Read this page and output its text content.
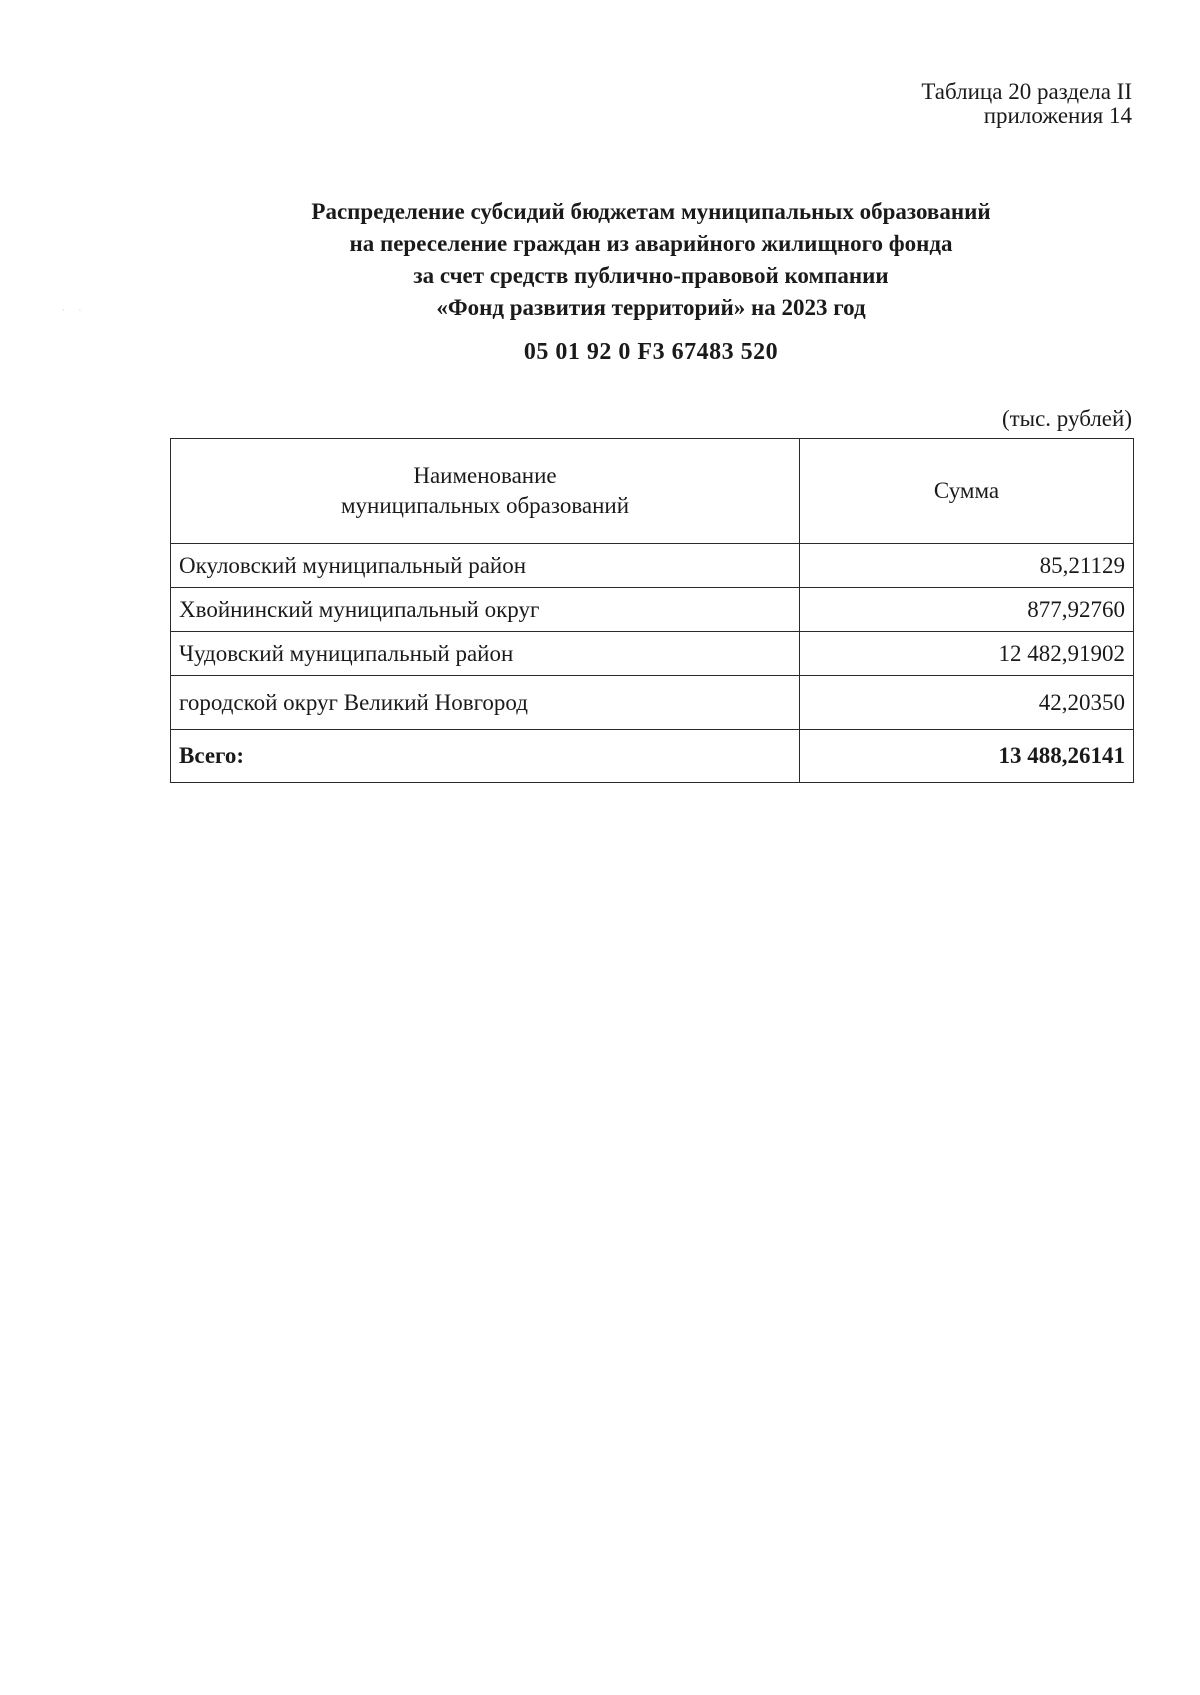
· ·
Таблица 20 раздела II
приложения 14
Распределение субсидий бюджетам муниципальных образований
на переселение граждан из аварийного жилищного фонда
за счет средств публично-правовой компании
«Фонд развития территорий» на 2023 год
05 01 92 0 F3 67483 520
(тыс. рублей)
Наименование
муниципальных образований	Сумма
Окуловский муниципальный район	85,21129
Хвойнинский муниципальный округ	877,92760
Чудовский муниципальный район	12 482,91902
городской округ Великий Новгород	42,20350
Всего:	13 488,26141
